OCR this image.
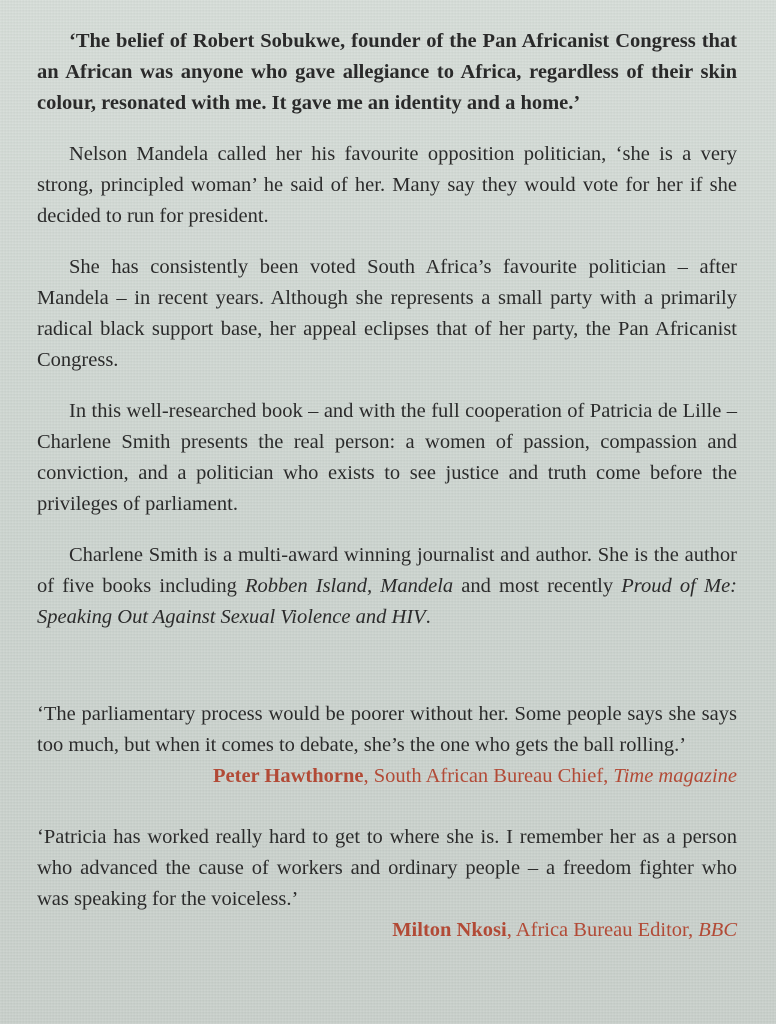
‘The belief of Robert Sobukwe, founder of the Pan Africanist Congress that an African was anyone who gave allegiance to Africa, regardless of their skin colour, resonated with me. It gave me an identity and a home.’

Nelson Mandela called her his favourite opposition politician, ‘she is a very strong, principled woman’ he said of her. Many say they would vote for her if she decided to run for president.

She has consistently been voted South Africa’s favourite politician – after Mandela – in recent years. Although she represents a small party with a primarily radical black support base, her appeal eclipses that of her party, the Pan Africanist Congress.

In this well-researched book – and with the full cooperation of Patricia de Lille – Charlene Smith presents the real person: a women of passion, compassion and conviction, and a politician who exists to see justice and truth come before the privileges of parliament.

Charlene Smith is a multi-award winning journalist and author. She is the author of five books including Robben Island, Mandela and most recently Proud of Me: Speaking Out Against Sexual Violence and HIV.

‘The parliamentary process would be poorer without her. Some people says she says too much, but when it comes to debate, she’s the one who gets the ball rolling.’

Peter Hawthorne, South African Bureau Chief, Time magazine

‘Patricia has worked really hard to get to where she is. I remember her as a person who advanced the cause of workers and ordinary people – a freedom fighter who was speaking for the voiceless.’

Milton Nkosi, Africa Bureau Editor, BBC
